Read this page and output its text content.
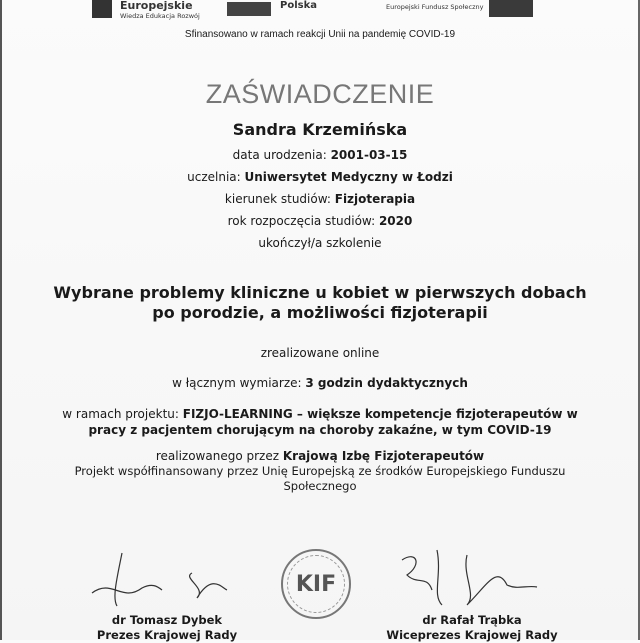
Europejskie
Wiedza Edukacja Rozwój
Polska	Europejski Fundusz Społeczny
Sfinansowano w ramach reakcji Unii na pandemię COVID-19
ZAŚWIADCZENIE
Sandra Krzemińska
data urodzenia: 2001-03-15
uczelnia: Uniwersytet Medyczny w Łodzi
kierunek studiów: Fizjoterapia
rok rozpoczęcia studiów: 2020
ukończył/a szkolenie
Wybrane problemy kliniczne u kobiet w pierwszych dobach
po porodzie, a możliwości fizjoterapii
zrealizowane online
w łącznym wymiarze: 3 godzin dydaktycznych
w ramach projektu: FIZJO-LEARNING – większe kompetencje fizjoterapeutów w
pracy z pacjentem chorującym na choroby zakaźne, w tym COVID-19
realizowanego przez Krajową Izbę Fizjoterapeutów
Projekt współfinansowany przez Unię Europejską ze środków Europejskiego Funduszu
Społecznego
KIF
dr Tomasz Dybek
Prezes Krajowej Rady
dr Rafał Trąbka
Wiceprezes Krajowej Rady
